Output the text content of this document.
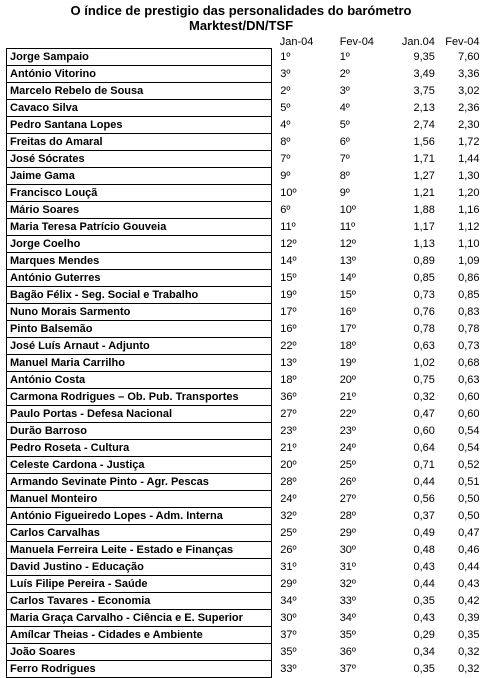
O índice de prestigio das personalidades do barómetro
Marktest/DN/TSF
	Jan-04	Fev-04	Jan.04	Fev-04
Jorge Sampaio	1º	1º	9,35	7,60
António Vitorino	3º	2º	3,49	3,36
Marcelo Rebelo de Sousa	2º	3º	3,75	3,02
Cavaco Silva	5º	4º	2,13	2,36
Pedro Santana Lopes	4º	5º	2,74	2,30
Freitas do Amaral	8º	6º	1,56	1,72
José Sócrates	7º	7º	1,71	1,44
Jaime Gama	9º	8º	1,27	1,30
Francisco Louçã	10º	9º	1,21	1,20
Mário Soares	6º	10º	1,88	1,16
Maria Teresa Patrício Gouveia	11º	11º	1,17	1,12
Jorge Coelho	12º	12º	1,13	1,10
Marques Mendes	14º	13º	0,89	1,09
António Guterres	15º	14º	0,85	0,86
Bagão Félix - Seg. Social e Trabalho	19º	15º	0,73	0,85
Nuno Morais Sarmento	17º	16º	0,76	0,83
Pinto Balsemão	16º	17º	0,78	0,78
José Luís Arnaut - Adjunto	22º	18º	0,63	0,73
Manuel Maria Carrilho	13º	19º	1,02	0,68
António Costa	18º	20º	0,75	0,63
Carmona Rodrigues – Ob. Pub. Transportes	36º	21º	0,32	0,60
Paulo Portas - Defesa Nacional	27º	22º	0,47	0,60
Durão Barroso	23º	23º	0,60	0,54
Pedro Roseta - Cultura	21º	24º	0,64	0,54
Celeste Cardona - Justiça	20º	25º	0,71	0,52
Armando Sevinate Pinto - Agr. Pescas	28º	26º	0,44	0,51
Manuel Monteiro	24º	27º	0,56	0,50
António Figueiredo Lopes - Adm. Interna	32º	28º	0,37	0,50
Carlos Carvalhas	25º	29º	0,49	0,47
Manuela Ferreira Leite - Estado e Finanças	26º	30º	0,48	0,46
David Justino - Educação	31º	31º	0,43	0,44
Luís Filipe Pereira - Saúde	29º	32º	0,44	0,43
Carlos Tavares - Economia	34º	33º	0,35	0,42
Maria Graça Carvalho - Ciência e E. Superior	30º	34º	0,43	0,39
Amílcar Theias - Cidades e Ambiente	37º	35º	0,29	0,35
João Soares	35º	36º	0,34	0,32
Ferro Rodrigues	33º	37º	0,35	0,32
